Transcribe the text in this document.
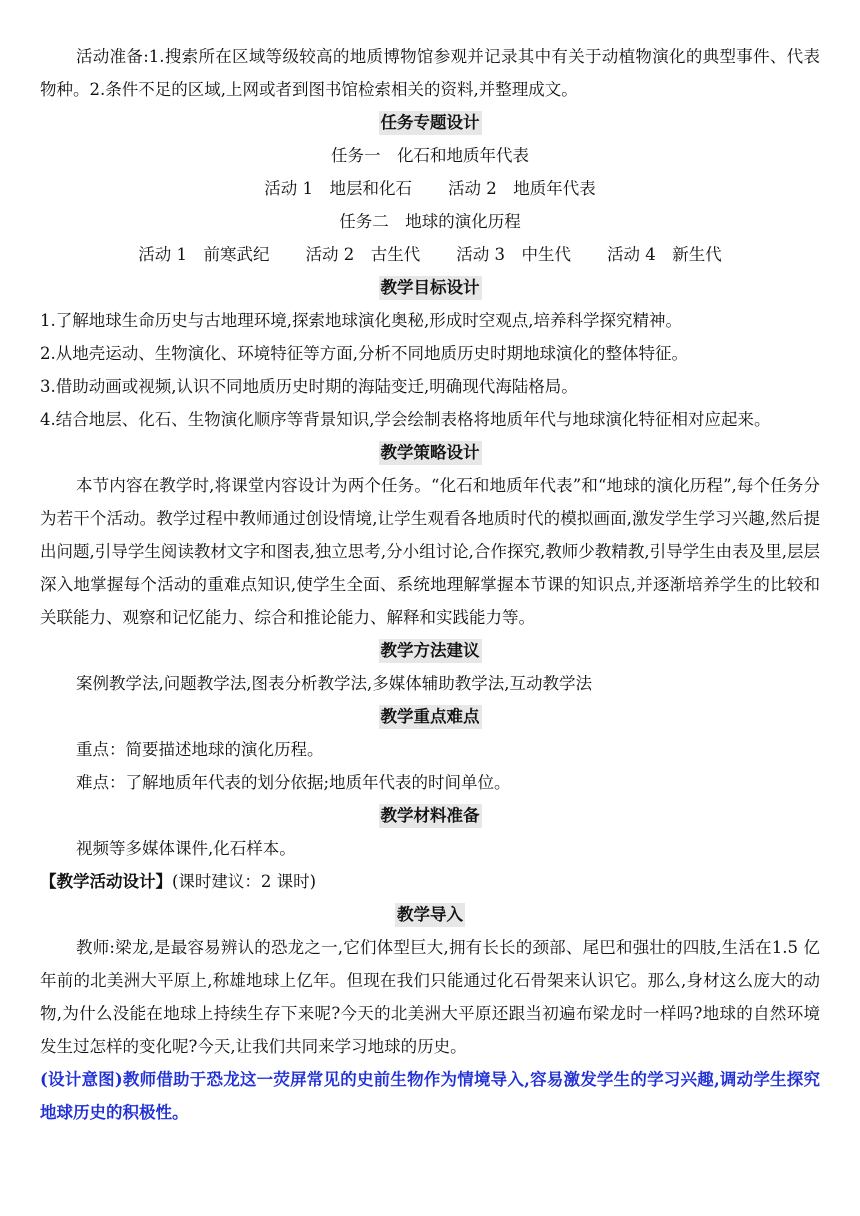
活动准备:1.搜索所在区域等级较高的地质博物馆参观并记录其中有关于动植物演化的典型事件、代表物种。2.条件不足的区域,上网或者到图书馆检索相关的资料,并整理成文。

任务专题设计

任务一　化石和地质年代表

活动 1　地层和化石 活动 2　地质年代表

任务二　地球的演化历程

活动 1　前寒武纪 活动 2　古生代 活动 3　中生代 活动 4　新生代

教学目标设计

1.了解地球生命历史与古地理环境,探索地球演化奥秘,形成时空观点,培养科学探究精神。

2.从地壳运动、生物演化、环境特征等方面,分析不同地质历史时期地球演化的整体特征。

3.借助动画或视频,认识不同地质历史时期的海陆变迁,明确现代海陆格局。

4.结合地层、化石、生物演化顺序等背景知识,学会绘制表格将地质年代与地球演化特征相对应起来。

教学策略设计

本节内容在教学时,将课堂内容设计为两个任务。“化石和地质年代表”和“地球的演化历程”,每个任务分为若干个活动。教学过程中教师通过创设情境,让学生观看各地质时代的模拟画面,激发学生学习兴趣,然后提出问题,引导学生阅读教材文字和图表,独立思考,分小组讨论,合作探究,教师少教精教,引导学生由表及里,层层深入地掌握每个活动的重难点知识,使学生全面、系统地理解掌握本节课的知识点,并逐渐培养学生的比较和关联能力、观察和记忆能力、综合和推论能力、解释和实践能力等。

教学方法建议

案例教学法,问题教学法,图表分析教学法,多媒体辅助教学法,互动教学法

教学重点难点

重点：简要描述地球的演化历程。

难点：了解地质年代表的划分依据;地质年代表的时间单位。

教学材料准备

视频等多媒体课件,化石样本。

【教学活动设计】(课时建议：2 课时)

教学导入

教师:梁龙,是最容易辨认的恐龙之一,它们体型巨大,拥有长长的颈部、尾巴和强壮的四肢,生活在1.5 亿年前的北美洲大平原上,称雄地球上亿年。但现在我们只能通过化石骨架来认识它。那么,身材这么庞大的动物,为什么没能在地球上持续生存下来呢?今天的北美洲大平原还跟当初遍布梁龙时一样吗?地球的自然环境发生过怎样的变化呢?今天,让我们共同来学习地球的历史。

(设计意图)教师借助于恐龙这一荧屏常见的史前生物作为情境导入,容易激发学生的学习兴趣,调动学生探究地球历史的积极性。
